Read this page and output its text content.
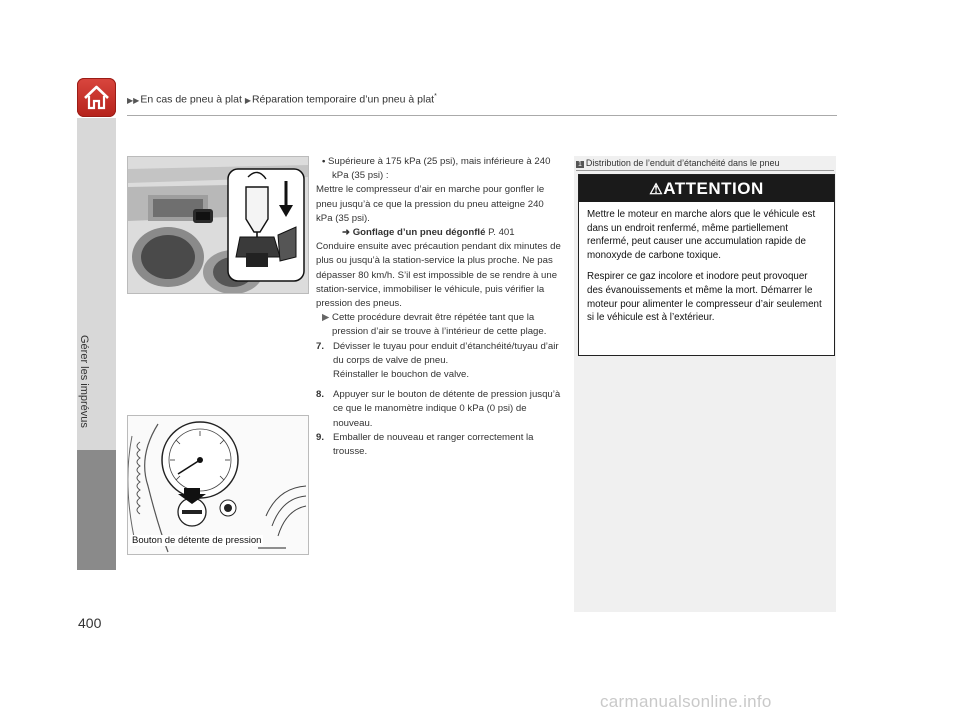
▶▶En cas de pneu à plat ▶Réparation temporaire d’un pneu à plat*
Gérer les imprévus
400
Bouton de détente de pression

• Supérieure à 175 kPa (25 psi), mais inférieure à 240 kPa (35 psi) :

Mettre le compresseur d’air en marche pour gonfler le pneu jusqu’à ce que la pression du pneu atteigne 240 kPa (35 psi).

➜ Gonflage d’un pneu dégonflé P. 401

Conduire ensuite avec précaution pendant dix minutes de plus ou jusqu’à la station-service la plus proche. Ne pas dépasser 80 km/h. S’il est impossible de se rendre à une station-service, immobiliser le véhicule, puis vérifier la pression des pneus.

▶ Cette procédure devrait être répétée tant que la pression d’air se trouve à l’intérieur de cette plage.

7. Dévisser le tuyau pour enduit d’étanchéité/tuyau d’air du corps de valve de pneu.
Réinstaller le bouchon de valve.
8. Appuyer sur le bouton de détente de pression jusqu’à ce que le manomètre indique 0 kPa (0 psi) de nouveau.
9. Emballer de nouveau et ranger correctement la trousse.
1 Distribution de l’enduit d’étanchéité dans le pneu
⚠ATTENTION

Mettre le moteur en marche alors que le véhicule est dans un endroit renfermé, même partiellement renfermé, peut causer une accumulation rapide de monoxyde de carbone toxique.

Respirer ce gaz incolore et inodore peut provoquer des évanouissements et même la mort. Démarrer le moteur pour alimenter le compresseur d’air seulement si le véhicule est à l’extérieur.

carmanualsonline.info
